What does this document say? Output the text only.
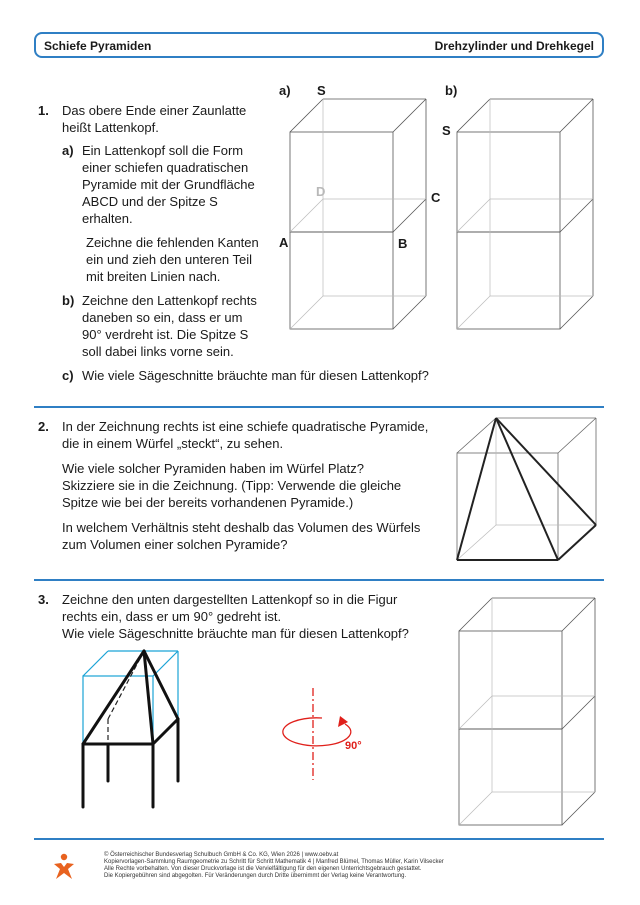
Schiefe Pyramiden	Drehzylinder und Drehkegel
1. Das obere Ende einer Zaunlatte
heißt Lattenkopf.
a) Ein Lattenkopf soll die Form
einer schiefen quadratischen
Pyramide mit der Grundfläche
ABCD und der Spitze S
erhalten.
Zeichne die fehlenden Kanten
ein und zieh den unteren Teil
mit breiten Linien nach.
b) Zeichne den Lattenkopf rechts
daneben so ein, dass er um
90° verdreht ist. Die Spitze S
soll dabei links vorne sein.
c) Wie viele Sägeschnitte bräuchte man für diesen Lattenkopf?
a)	b)
S
S
D	C
A	B
2. In der Zeichnung rechts ist eine schiefe quadratische Pyramide,
die in einem Würfel „steckt“, zu sehen.
Wie viele solcher Pyramiden haben im Würfel Platz?
Skizziere sie in die Zeichnung. (Tipp: Verwende die gleiche
Spitze wie bei der bereits vorhandenen Pyramide.)
In welchem Verhältnis steht deshalb das Volumen des Würfels
zum Volumen einer solchen Pyramide?
3. Zeichne den unten dargestellten Lattenkopf so in die Figur
rechts ein, dass er um 90° gedreht ist.
Wie viele Sägeschnitte bräuchte man für diesen Lattenkopf?
90°
© Österreichischer Bundesverlag Schulbuch GmbH & Co. KG, Wien 2026 | www.oebv.at
Kopiervorlagen-Sammlung Raumgeometrie zu Schritt für Schritt Mathematik 4 | Manfred Blümel, Thomas Müller, Karin Vilsecker
Alle Rechte vorbehalten. Von dieser Druckvorlage ist die Vervielfältigung für den eigenen Unterrichtsgebrauch gestattet.
Die Kopiergebühren sind abgegolten. Für Veränderungen durch Dritte übernimmt der Verlag keine Verantwortung.
